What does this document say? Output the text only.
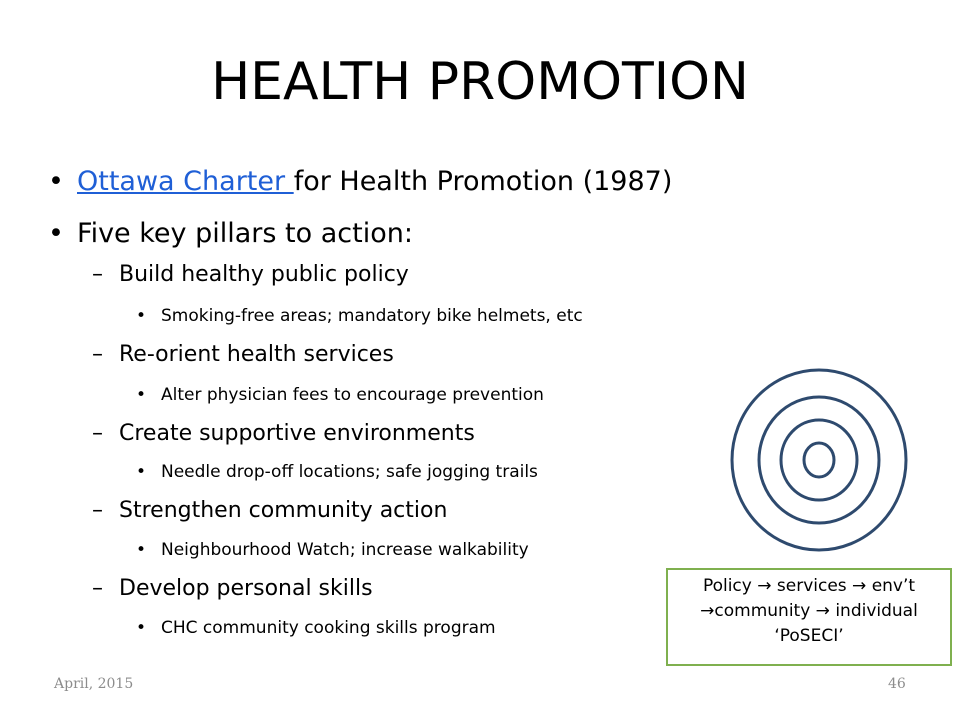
HEALTH PROMOTION
• Ottawa Charter for Health Promotion (1987)
• Five key pillars to action:
– Build healthy public policy
• Smoking-free areas; mandatory bike helmets, etc
– Re-orient health services
• Alter physician fees to encourage prevention
– Create supportive environments
• Needle drop-off locations; safe jogging trails
– Strengthen community action
• Neighbourhood Watch; increase walkability
– Develop personal skills
• CHC community cooking skills program
Policy → services → env’t
→community → individual
‘PoSECI’
April, 2015	46
